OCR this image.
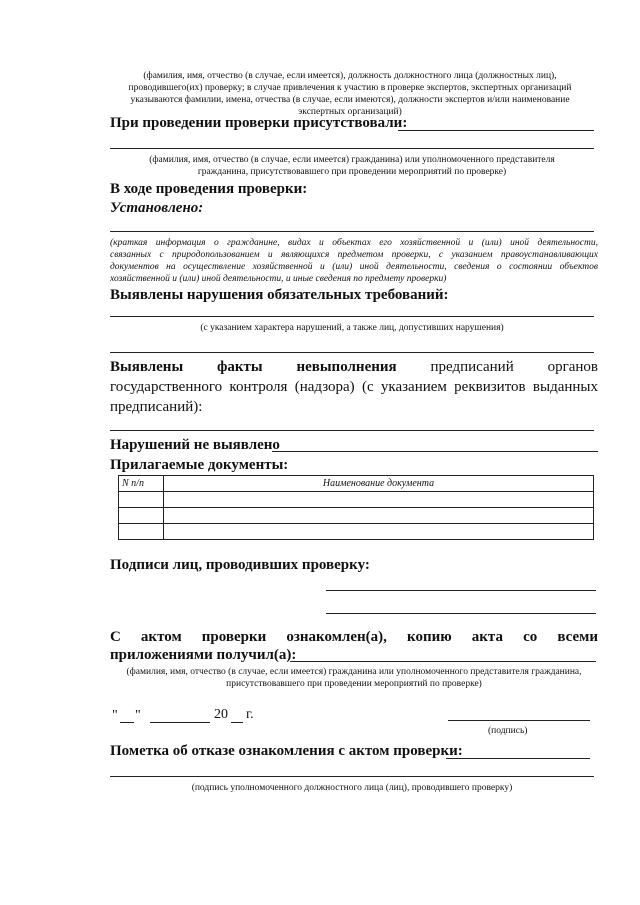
(фамилия, имя, отчество (в случае, если имеется), должность должностного лица (должностных лиц),
проводившего(их) проверку; в случае привлечения к участию в проверке экспертов, экспертных организаций
указываются фамилии, имена, отчества (в случае, если имеются), должности экспертов и/или наименование
экспертных организаций)
При проведении проверки присутствовали:
(фамилия, имя, отчество (в случае, если имеется) гражданина) или уполномоченного представителя
гражданина, присутствовавшего при проведении мероприятий по проверке)
В ходе проведения проверки:
Установлено:
(краткая информация о гражданине, видах и объектах его хозяйственной и (или) иной деятельности,
связанных с природопользованием и являющихся предметом проверки, с указанием правоустанавливающих
документов на осуществление хозяйственной и (или) иной деятельности, сведения о состоянии объектов
хозяйственной и (или) иной деятельности, и иные сведения по предмету проверки)
Выявлены нарушения обязательных требований:
(с указанием характера нарушений, а также лиц, допустивших нарушения)
Выявлены факты невыполнения предписаний органов
государственного контроля (надзора) (с указанием реквизитов выданных
предписаний):
Нарушений не выявлено
Прилагаемые документы:
N п/п	Наименование документа

Подписи лиц, проводивших проверку:
С актом проверки ознакомлен(а), копию акта со всеми
приложениями получил(а):
(фамилия, имя, отчество (в случае, если имеется) гражданина или уполномоченного представителя гражданина,
присутствовавшего при проведении мероприятий по проверке)
" "	20 г.
(подпись)
Пометка об отказе ознакомления с актом проверки:
(подпись уполномоченного должностного лица (лиц), проводившего проверку)
